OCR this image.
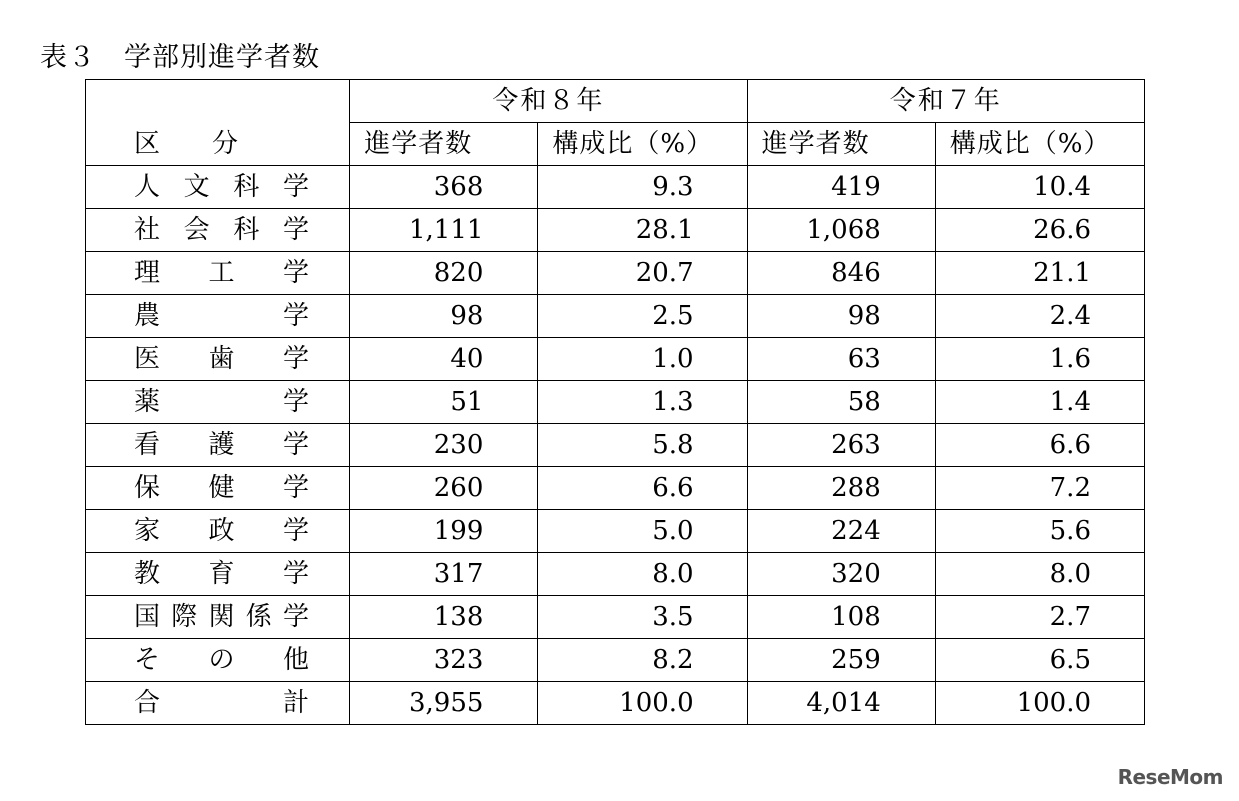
表３　学部別進学者数
	令和８年		令和７年	
区　　分	進学者数	構成比（%）	進学者数	構成比（%）

人 文 科 学	368	9.3	419	10.4

社 会 科 学	1,111	28.1	1,068	26.6

理 工 学	820	20.7	846	21.1

農 学	98	2.5	98	2.4

医 歯 学	40	1.0	63	1.6

薬 学	51	1.3	58	1.4

看 護 学	230	5.8	263	6.6

保 健 学	260	6.6	288	7.2

家 政 学	199	5.0	224	5.6

教 育 学	317	8.0	320	8.0

国 際 関 係 学	138	3.5	108	2.7

そ の 他	323	8.2	259	6.5

合 計	3,955	100.0	4,014	100.0
ReseMom
